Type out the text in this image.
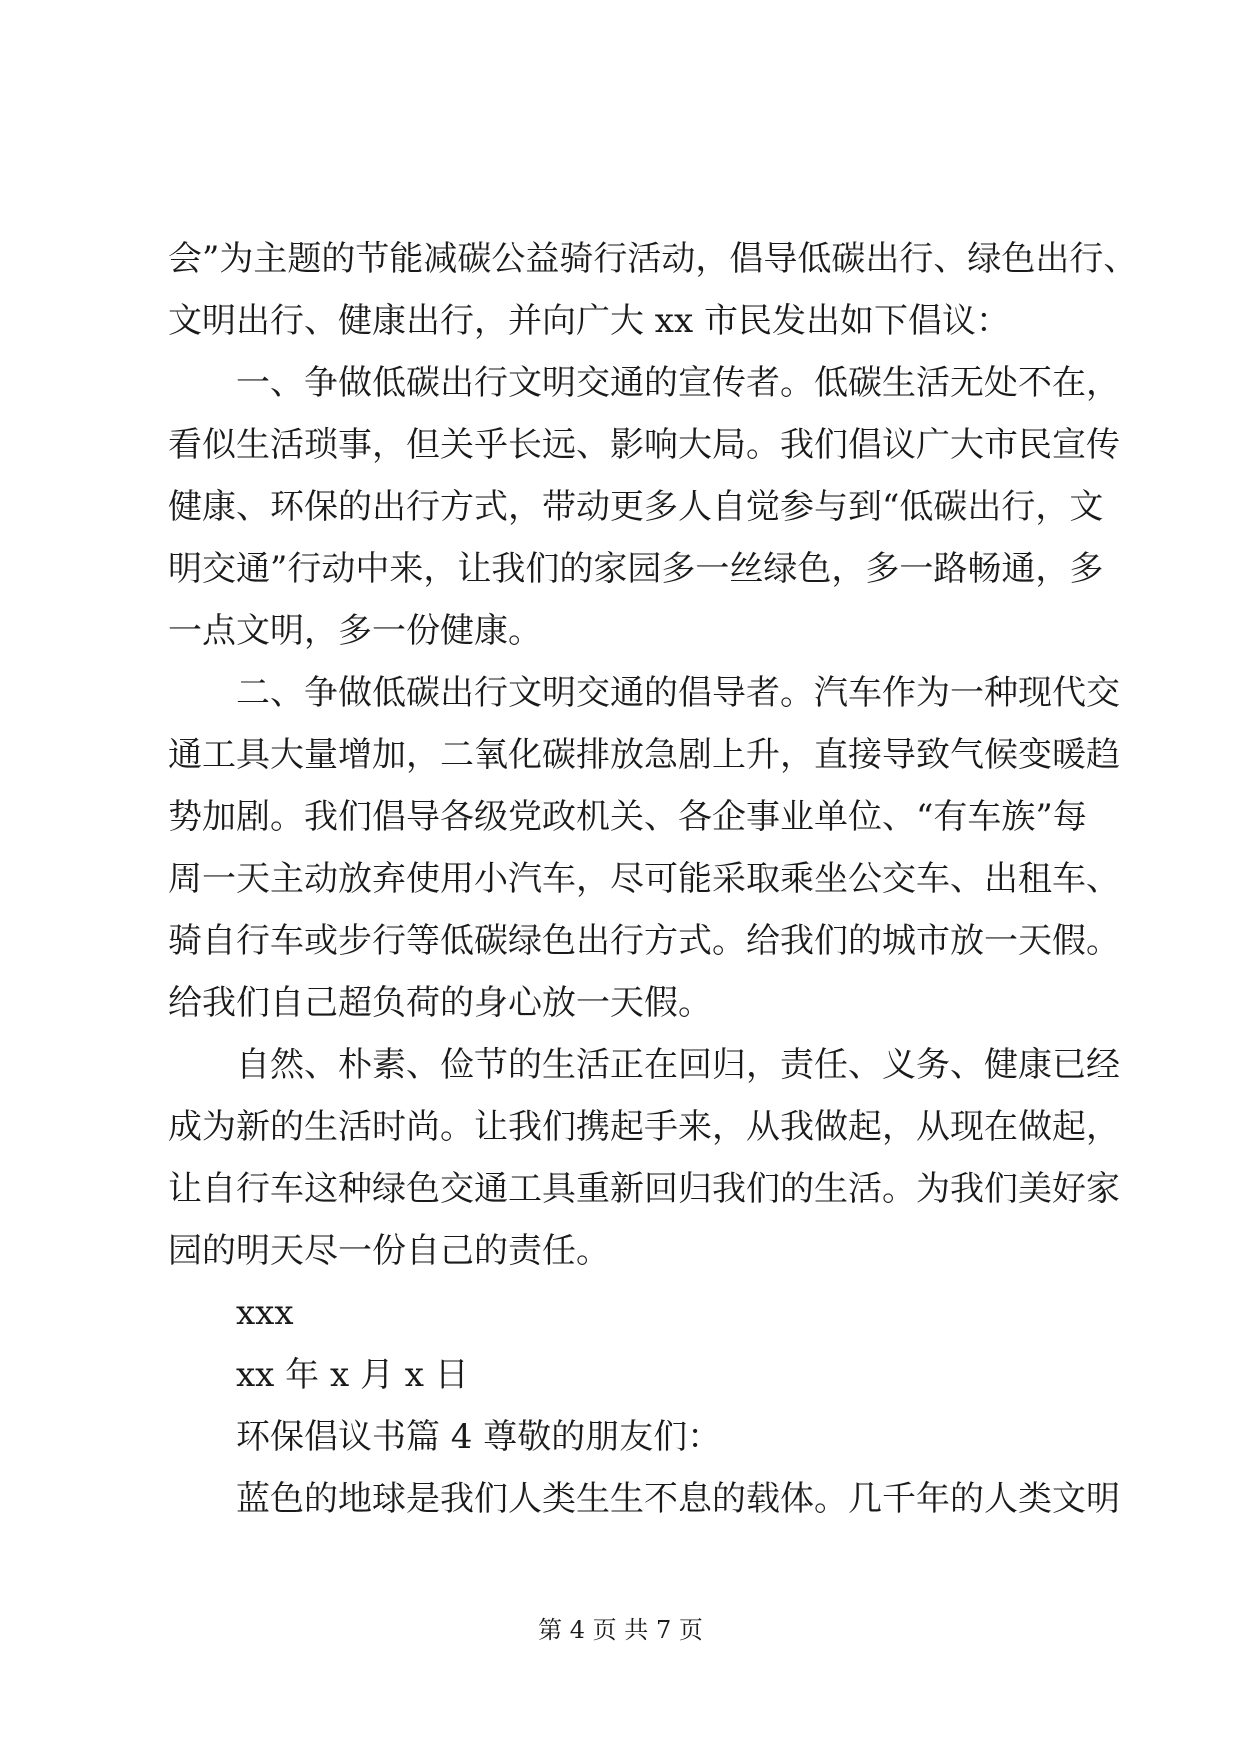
会”为主题的节能减碳公益骑行活动，倡导低碳出行、绿色出行、
文明出行、健康出行，并向广大 xx 市民发出如下倡议：
一、争做低碳出行文明交通的宣传者。低碳生活无处不在，
看似生活琐事，但关乎长远、影响大局。我们倡议广大市民宣传
健康、环保的出行方式，带动更多人自觉参与到“低碳出行，文
明交通”行动中来，让我们的家园多一丝绿色，多一路畅通，多
一点文明，多一份健康。
二、争做低碳出行文明交通的倡导者。汽车作为一种现代交
通工具大量增加，二氧化碳排放急剧上升，直接导致气候变暖趋
势加剧。我们倡导各级党政机关、各企事业单位、“有车族”每
周一天主动放弃使用小汽车，尽可能采取乘坐公交车、出租车、
骑自行车或步行等低碳绿色出行方式。给我们的城市放一天假。
给我们自己超负荷的身心放一天假。
自然、朴素、俭节的生活正在回归，责任、义务、健康已经
成为新的生活时尚。让我们携起手来，从我做起，从现在做起，
让自行车这种绿色交通工具重新回归我们的生活。为我们美好家
园的明天尽一份自己的责任。
xxx
xx 年 x 月 x 日
环保倡议书篇 4 尊敬的朋友们：
蓝色的地球是我们人类生生不息的载体。几千年的人类文明
第 4 页 共 7 页
